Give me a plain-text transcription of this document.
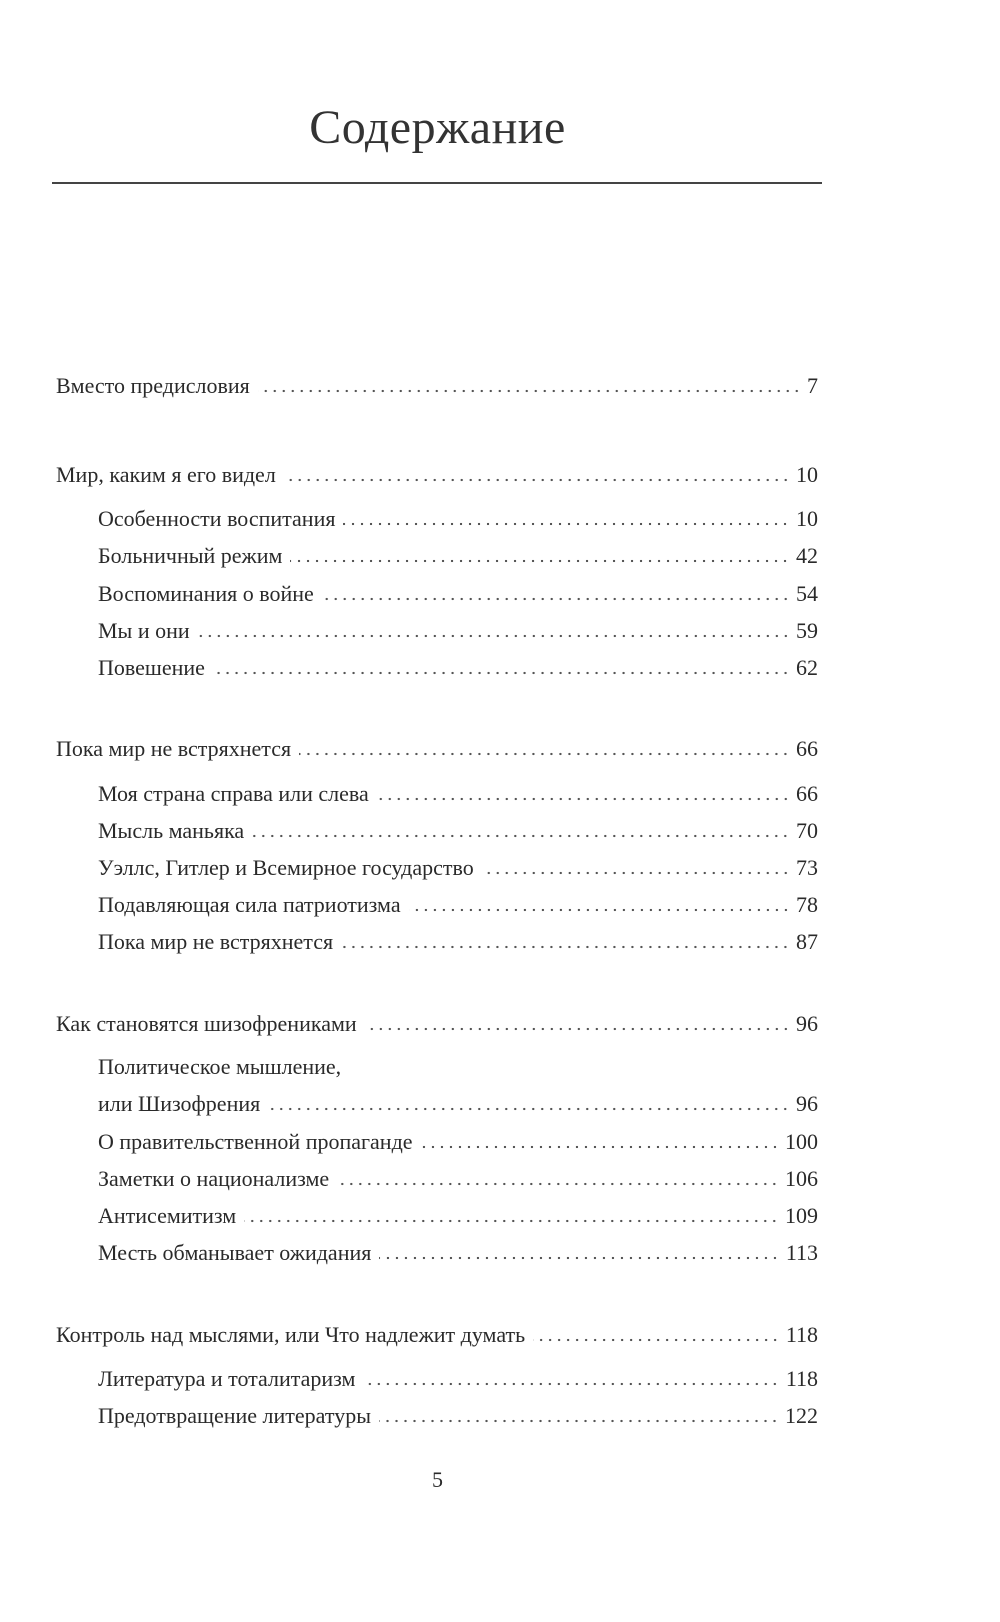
Содержание
Вместо предисловия	7
Мир, каким я его видел	10
Особенности воспитания	10
Больничный режим	42
Воспоминания о войне	54
Мы и они	59
Повешение	62
Пока мир не встряхнется	66
Моя страна справа или слева	66
Мысль маньяка	70
Уэллс, Гитлер и Всемирное государство	73
Подавляющая сила патриотизма	78
Пока мир не встряхнется	87
Как становятся шизофрениками	96
Политическое мышление,
или Шизофрения	96
О правительственной пропаганде	100
Заметки о национализме	106
Антисемитизм	109
Месть обманывает ожидания	113
Контроль над мыслями, или Что надлежит думать	118
Литература и тоталитаризм	118
Предотвращение литературы	122
5
